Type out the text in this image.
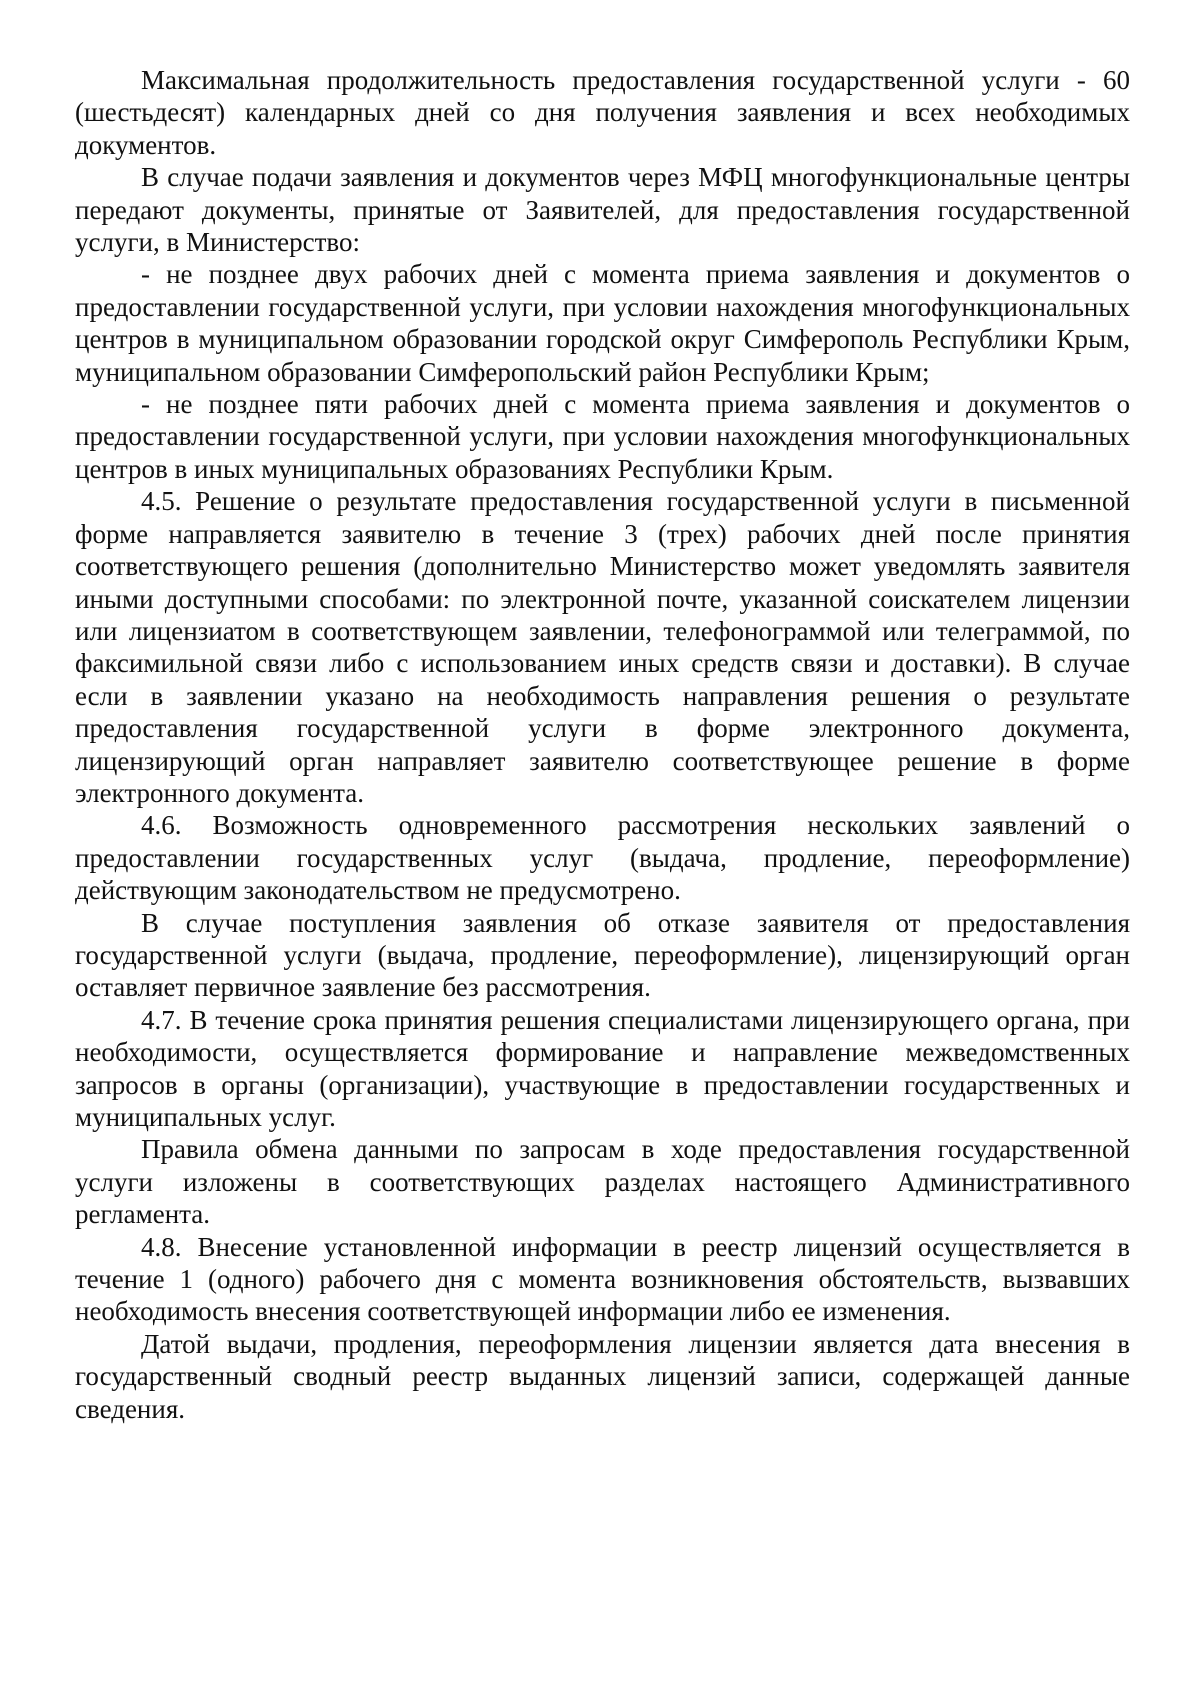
Максимальная продолжительность предоставления государственной услуги - 60 (шестьдесят) календарных дней со дня получения заявления и всех необходимых документов.

В случае подачи заявления и документов через МФЦ многофункциональные центры передают документы, принятые от Заявителей, для предоставления государственной услуги, в Министерство:

- не позднее двух рабочих дней с момента приема заявления и документов о предоставлении государственной услуги, при условии нахождения многофункциональных центров в муниципальном образовании городской округ Симферополь Республики Крым, муниципальном образовании Симферопольский район Республики Крым;

- не позднее пяти рабочих дней с момента приема заявления и документов о предоставлении государственной услуги, при условии нахождения многофункциональных центров в иных муниципальных образованиях Республики Крым.

4.5. Решение о результате предоставления государственной услуги в письменной форме направляется заявителю в течение 3 (трех) рабочих дней после принятия соответствующего решения (дополнительно Министерство может уведомлять заявителя иными доступными способами: по электронной почте, указанной соискателем лицензии или лицензиатом в соответствующем заявлении, телефонограммой или телеграммой, по факсимильной связи либо с использованием иных средств связи и доставки). В случае если в заявлении указано на необходимость направления решения о результате предоставления государственной услуги в форме электронного документа, лицензирующий орган направляет заявителю соответствующее решение в форме электронного документа.

4.6. Возможность одновременного рассмотрения нескольких заявлений о предоставлении государственных услуг (выдача, продление, переоформление) действующим законодательством не предусмотрено.

В случае поступления заявления об отказе заявителя от предоставления государственной услуги (выдача, продление, переоформление), лицензирующий орган оставляет первичное заявление без рассмотрения.

4.7. В течение срока принятия решения специалистами лицензирующего органа, при необходимости, осуществляется формирование и направление межведомственных запросов в органы (организации), участвующие в предоставлении государственных и муниципальных услуг.

Правила обмена данными по запросам в ходе предоставления государственной услуги изложены в соответствующих разделах настоящего Административного регламента.

4.8. Внесение установленной информации в реестр лицензий осуществляется в течение 1 (одного) рабочего дня с момента возникновения обстоятельств, вызвавших необходимость внесения соответствующей информации либо ее изменения.

Датой выдачи, продления, переоформления лицензии является дата внесения в государственный сводный реестр выданных лицензий записи, содержащей данные сведения.
